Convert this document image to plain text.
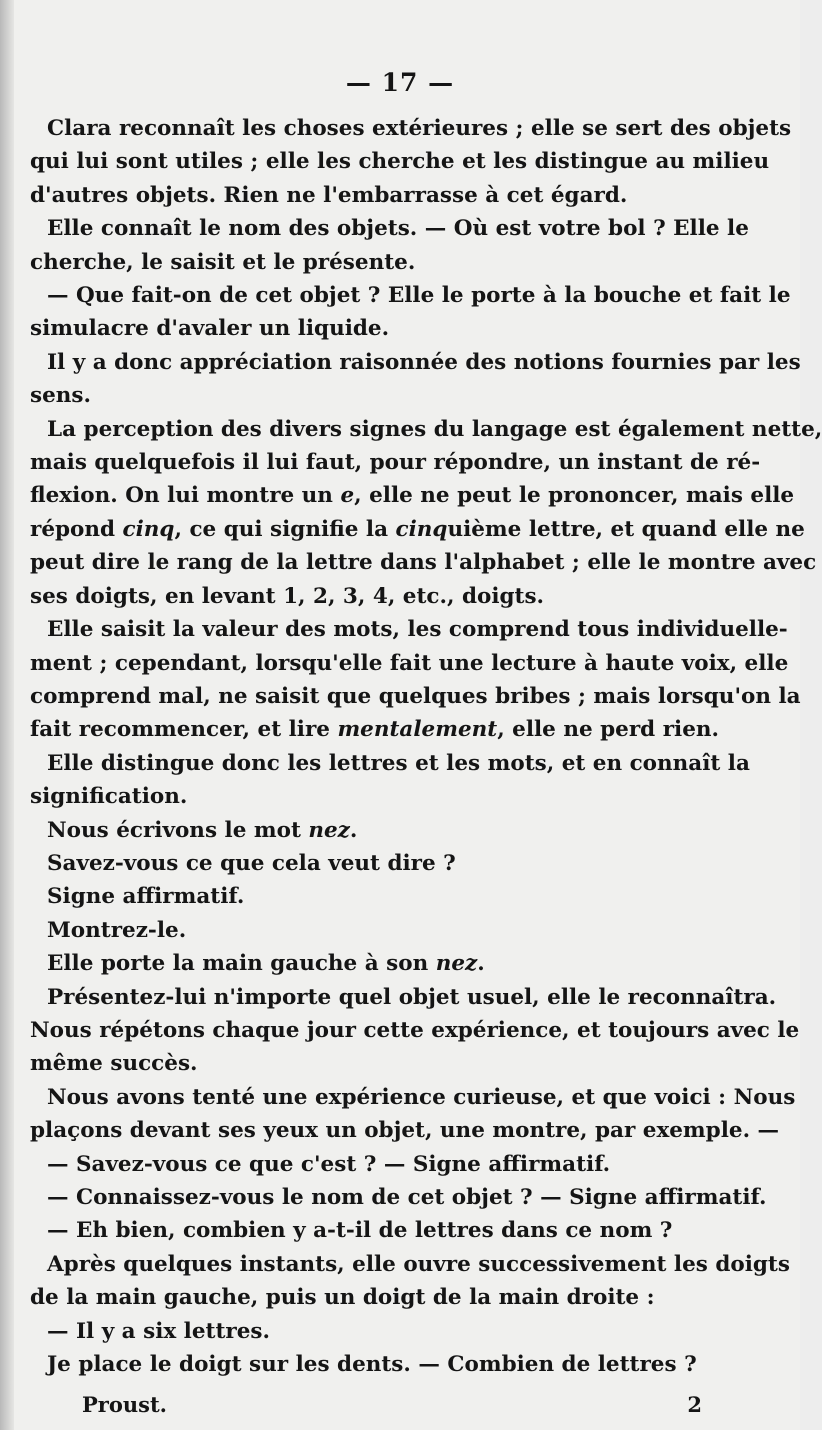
— 17 —
Clara reconnaît les choses extérieures ; elle se sert des objets
qui lui sont utiles ; elle les cherche et les distingue au milieu
d'autres objets. Rien ne l'embarrasse à cet égard.
Elle connaît le nom des objets. — Où est votre bol ? Elle le
cherche, le saisit et le présente.
— Que fait-on de cet objet ? Elle le porte à la bouche et fait le
simulacre d'avaler un liquide.
Il y a donc appréciation raisonnée des notions fournies par les
sens.
La perception des divers signes du langage est également nette,
mais quelquefois il lui faut, pour répondre, un instant de ré-
flexion. On lui montre un e, elle ne peut le prononcer, mais elle
répond cinq, ce qui signifie la cinquième lettre, et quand elle ne
peut dire le rang de la lettre dans l'alphabet ; elle le montre avec
ses doigts, en levant 1, 2, 3, 4, etc., doigts.
Elle saisit la valeur des mots, les comprend tous individuelle-
ment ; cependant, lorsqu'elle fait une lecture à haute voix, elle
comprend mal, ne saisit que quelques bribes ; mais lorsqu'on la
fait recommencer, et lire mentalement, elle ne perd rien.
Elle distingue donc les lettres et les mots, et en connaît la
signification.
Nous écrivons le mot nez.
Savez-vous ce que cela veut dire ?
Signe affirmatif.
Montrez-le.
Elle porte la main gauche à son nez.
Présentez-lui n'importe quel objet usuel, elle le reconnaîtra.
Nous répétons chaque jour cette expérience, et toujours avec le
même succès.
Nous avons tenté une expérience curieuse, et que voici : Nous
plaçons devant ses yeux un objet, une montre, par exemple. —
— Savez-vous ce que c'est ? — Signe affirmatif.
— Connaissez-vous le nom de cet objet ? — Signe affirmatif.
— Eh bien, combien y a-t-il de lettres dans ce nom ?
Après quelques instants, elle ouvre successivement les doigts
de la main gauche, puis un doigt de la main droite :
— Il y a six lettres.
Je place le doigt sur les dents. — Combien de lettres ?
Proust.	2
